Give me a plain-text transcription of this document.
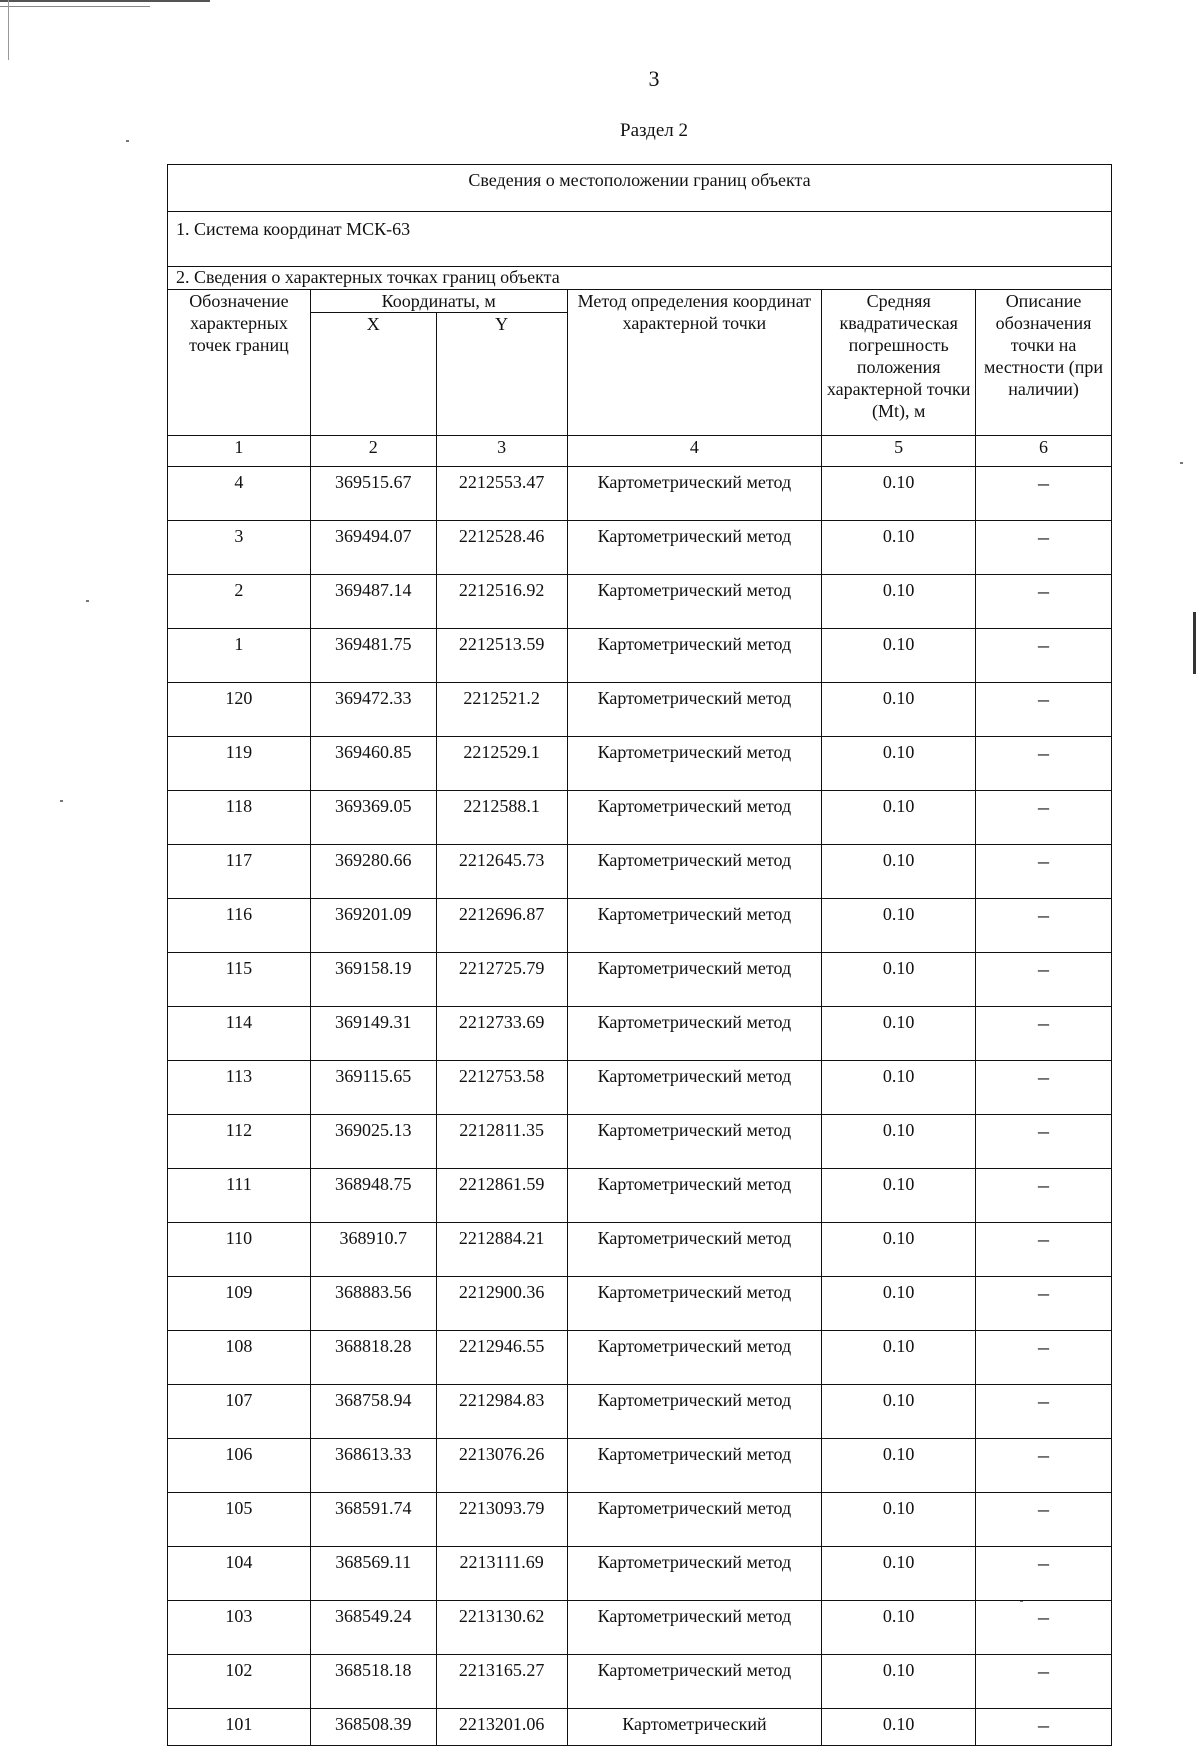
3
Раздел 2
Сведения о местоположении границ объекта					
1. Система координат МСК-63					
2. Сведения о характерных точках границ объекта					
Обозначение характерных точек границ	Координаты, м		Метод определения координат характерной точки	Средняя квадратическая погрешность положения характерной точки (Mt), м	Описание обозначения точки на местности (при наличии)
	X	Y			
1	2	3	4	5	6
4	369515.67	2212553.47	Картометрический метод	0.10	–
3	369494.07	2212528.46	Картометрический метод	0.10	–
2	369487.14	2212516.92	Картометрический метод	0.10	–
1	369481.75	2212513.59	Картометрический метод	0.10	–
120	369472.33	2212521.2	Картометрический метод	0.10	–
119	369460.85	2212529.1	Картометрический метод	0.10	–
118	369369.05	2212588.1	Картометрический метод	0.10	–
117	369280.66	2212645.73	Картометрический метод	0.10	–
116	369201.09	2212696.87	Картометрический метод	0.10	–
115	369158.19	2212725.79	Картометрический метод	0.10	–
114	369149.31	2212733.69	Картометрический метод	0.10	–
113	369115.65	2212753.58	Картометрический метод	0.10	–
112	369025.13	2212811.35	Картометрический метод	0.10	–
111	368948.75	2212861.59	Картометрический метод	0.10	–
110	368910.7	2212884.21	Картометрический метод	0.10	–
109	368883.56	2212900.36	Картометрический метод	0.10	–
108	368818.28	2212946.55	Картометрический метод	0.10	–
107	368758.94	2212984.83	Картометрический метод	0.10	–
106	368613.33	2213076.26	Картометрический метод	0.10	–
105	368591.74	2213093.79	Картометрический метод	0.10	–
104	368569.11	2213111.69	Картометрический метод	0.10	–
103	368549.24	2213130.62	Картометрический метод	0.10	–
102	368518.18	2213165.27	Картометрический метод	0.10	–
101	368508.39	2213201.06	Картометрический	0.10	–
